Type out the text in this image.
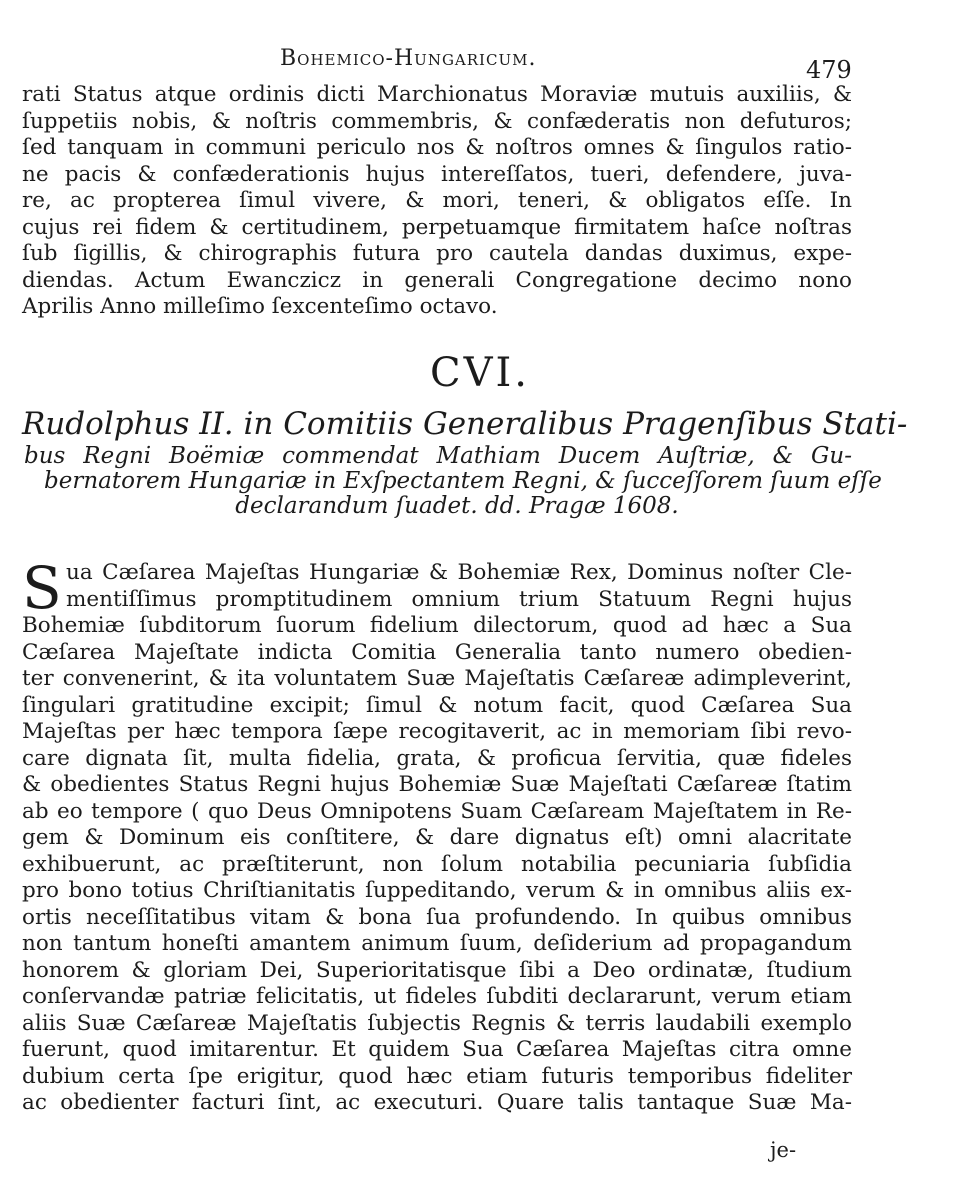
Bohemico-Hungaricum.	479
rati Status atque ordinis dicti Marchionatus Moraviæ mutuis auxiliis, &
ſuppetiis nobis, & noſtris commembris, & confæderatis non defuturos;
ſed tanquam in communi periculo nos & noſtros omnes & ſingulos ratio-
ne pacis & confæderationis hujus intereſſatos, tueri, defendere, juva-
re, ac propterea ſimul vivere, & mori, teneri, & obligatos eſſe. In
cujus rei fidem & certitudinem, perpetuamque firmitatem haſce noſtras
ſub ſigillis, & chirographis futura pro cautela dandas duximus, expe-
diendas. Actum Ewanczicz in generali Congregatione decimo nono
Aprilis Anno milleſimo ſexcenteſimo octavo.
CVI.
Rudolphus II. in Comitiis Generalibus Pragenſibus Stati-
bus Regni Boëmiæ commendat Mathiam Ducem Auſtriæ, & Gu-
bernatorem Hungariæ in Exſpectantem Regni, & ſucceſſorem ſuum eſſe
declarandum ſuadet. dd. Pragæ 1608.
S ua Cæſarea Majeſtas Hungariæ & Bohemiæ Rex, Dominus noſter Cle-
mentiſſimus promptitudinem omnium trium Statuum Regni hujus
Bohemiæ ſubditorum ſuorum fidelium dilectorum, quod ad hæc a Sua
Cæſarea Majeſtate indicta Comitia Generalia tanto numero obedien-
ter convenerint, & ita voluntatem Suæ Majeſtatis Cæſareæ adimpleverint,
ſingulari gratitudine excipit; ſimul & notum facit, quod Cæſarea Sua
Majeſtas per hæc tempora ſæpe recogitaverit, ac in memoriam ſibi revo-
care dignata ſit, multa fidelia, grata, & proficua ſervitia, quæ fideles
& obedientes Status Regni hujus Bohemiæ Suæ Majeſtati Cæſareæ ſtatim
ab eo tempore ( quo Deus Omnipotens Suam Cæſaream Majeſtatem in Re-
gem & Dominum eis conſtitere, & dare dignatus eſt) omni alacritate
exhibuerunt, ac præſtiterunt, non ſolum notabilia pecuniaria ſubſidia
pro bono totius Chriſtianitatis ſuppeditando, verum & in omnibus aliis ex-
ortis neceſſitatibus vitam & bona ſua profundendo. In quibus omnibus
non tantum honeſti amantem animum ſuum, deſiderium ad propagandum
honorem & gloriam Dei, Superioritatisque ſibi a Deo ordinatæ, ſtudium
conſervandæ patriæ felicitatis, ut fideles ſubditi declararunt, verum etiam
aliis Suæ Cæſareæ Majeſtatis ſubjectis Regnis & terris laudabili exemplo
fuerunt, quod imitarentur. Et quidem Sua Cæſarea Majeſtas citra omne
dubium certa ſpe erigitur, quod hæc etiam futuris temporibus fideliter
ac obedienter facturi ſint, ac executuri. Quare talis tantaque Suæ Ma-
je-
